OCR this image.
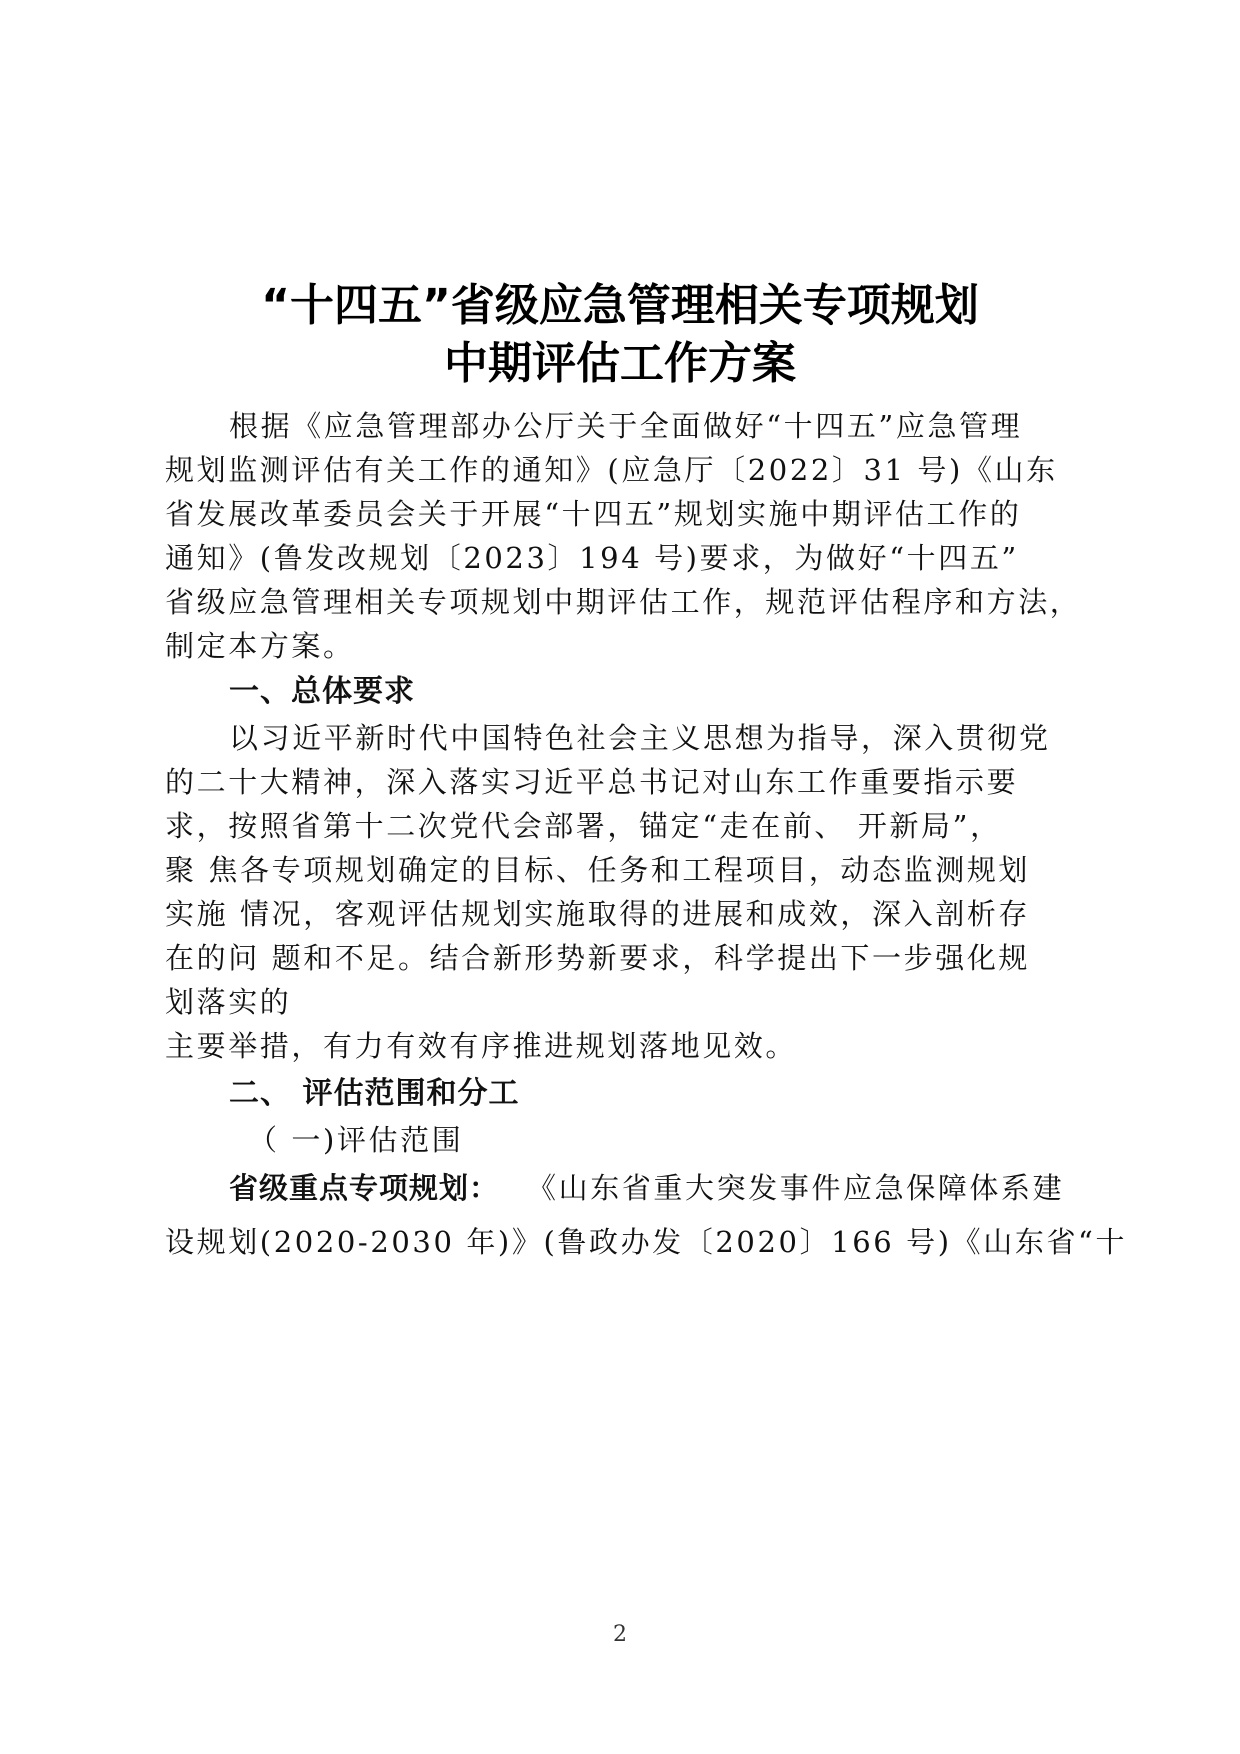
“十四五”省级应急管理相关专项规划
中期评估工作方案
根据《应急管理部办公厅关于全面做好“十四五”应急管理
规划监测评估有关工作的通知》(应急厅〔2022〕31 号)《山东
省发展改革委员会关于开展“十四五”规划实施中期评估工作的
通知》(鲁发改规划〔2023〕194 号)要求，为做好“十四五”
省级应急管理相关专项规划中期评估工作，规范评估程序和方法，
制定本方案。
一、总体要求
以习近平新时代中国特色社会主义思想为指导，深入贯彻党
的二十大精神，深入落实习近平总书记对山东工作重要指示要
求，按照省第十二次党代会部署，锚定“走在前、 开新局”，
聚 焦各专项规划确定的目标、任务和工程项目，动态监测规划
实施 情况，客观评估规划实施取得的进展和成效，深入剖析存
在的问 题和不足。结合新形势新要求，科学提出下一步强化规
划落实的
主要举措，有力有效有序推进规划落地见效。
二、 评估范围和分工
（ 一)评估范围
省级重点专项规划： 《山东省重大突发事件应急保障体系建
设规划(2020-2030 年)》(鲁政办发〔2020〕166 号)《山东省“十
2
